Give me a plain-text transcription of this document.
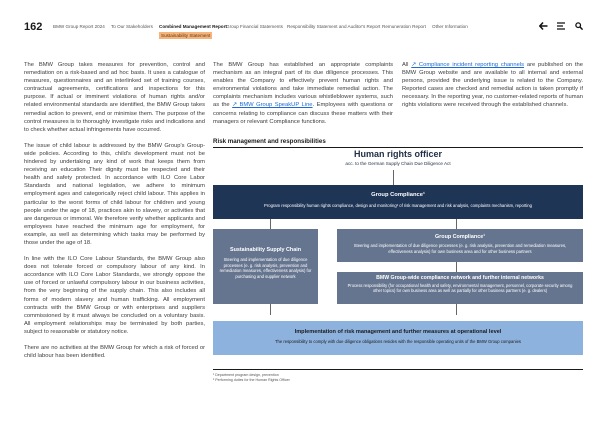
162 BMW Group Report 2024 To Our Stakeholders Combined Management Report Group Financial Statements Responsibility Statement and Auditor's Report Remuneration Report Other Information
Sustainability Statement

The BMW Group takes measures for prevention, control and remediation on a risk-based and ad hoc basis. It uses a catalogue of measures, questionnaires and an interlinked set of training courses, contractual agreements, certifications and inspections for this purpose. If actual or imminent violations of human rights and/or related environmental standards are identified, the BMW Group takes remedial action to prevent, end or minimise them. The purpose of the control measures is to thoroughly investigate risks and indications and to check whether actual infringements have occurred.

The issue of child labour is addressed by the BMW Group's Group-wide policies. According to this, child's development must not be hindered by undertaking any kind of work that keeps them from receiving an education Their dignity must be respected and their health and safety protected. In accordance with ILO Core Labor Standards and national legislation, we adhere to minimum employment ages and categorically reject child labour. This applies in particular to the worst forms of child labour for children and young people under the age of 18, practices akin to slavery, or activities that are dangerous or immoral. We therefore verify whether applicants and employees have reached the minimum age for employment, for example, as well as determining which tasks may be performed by those under the age of 18.

In line with the ILO Core Labour Standards, the BMW Group also does not tolerate forced or compulsory labour of any kind. In accordance with ILO Core Labor Standards, we strongly oppose the use of forced or unlawful compulsory labour in our business activities, from the very beginning of the supply chain. This also includes all forms of modern slavery and human trafficking. All employment contracts with the BMW Group or with enterprises and suppliers commissioned by it must always be concluded on a voluntary basis. All employment relationships may be terminated by both parties, subject to reasonable or statutory notice.

There are no activities at the BMW Group for which a risk of forced or child labour has been identified.

The BMW Group has established an appropriate complaints mechanism as an integral part of its due diligence processes. This enables the Company to effectively prevent human rights and environmental violations and take immediate remedial action. The complaints mechanism includes various whistleblower systems, such as the ↗ BMW Group SpeakUP Line. Employees with questions or concerns relating to compliance can discuss these matters with their managers or relevant Compliance functions.

All ↗ Compliance incident reporting channels are published on the BMW Group website and are available to all internal and external persons, provided the underlying issue is related to the Company. Reported cases are checked and remedial action is taken promptly if necessary. In the reporting year, no customer-related reports of human rights violations were received through the established channels.

Risk management and responsibilities
Human rights officer
acc. to the German Supply Chain Due Diligence Act
Group Compliance¹
Program responsibility human rights compliance, design and monitoring² of risk management and risk analysis, complaints mechanism, reporting
Sustainability Supply Chain
Steering and implementation of due diligence processes (e. g. risk analysis, prevention and remediation measures, effectiveness analysis) for purchasing and supplier network
Group Compliance¹
Steering and implementation of due diligence processes (e. g. risk analysis, prevention and remediation measures, effectiveness analysis) for own business area and for other business partners
BMW Group-wide compliance network and further internal networks
Process responsibility (for occupational health and safety, environmental management, personnel, corporate security among other topics) for own business area as well as partially for other business partners (e. g. dealers)
Implementation of risk management and further measures at operational level
The responsibility to comply with due diligence obligations resides with the responsible operating units of the BMW Group companies
¹ Department program design, prevention
² Performing duties for the Human Rights Officer
